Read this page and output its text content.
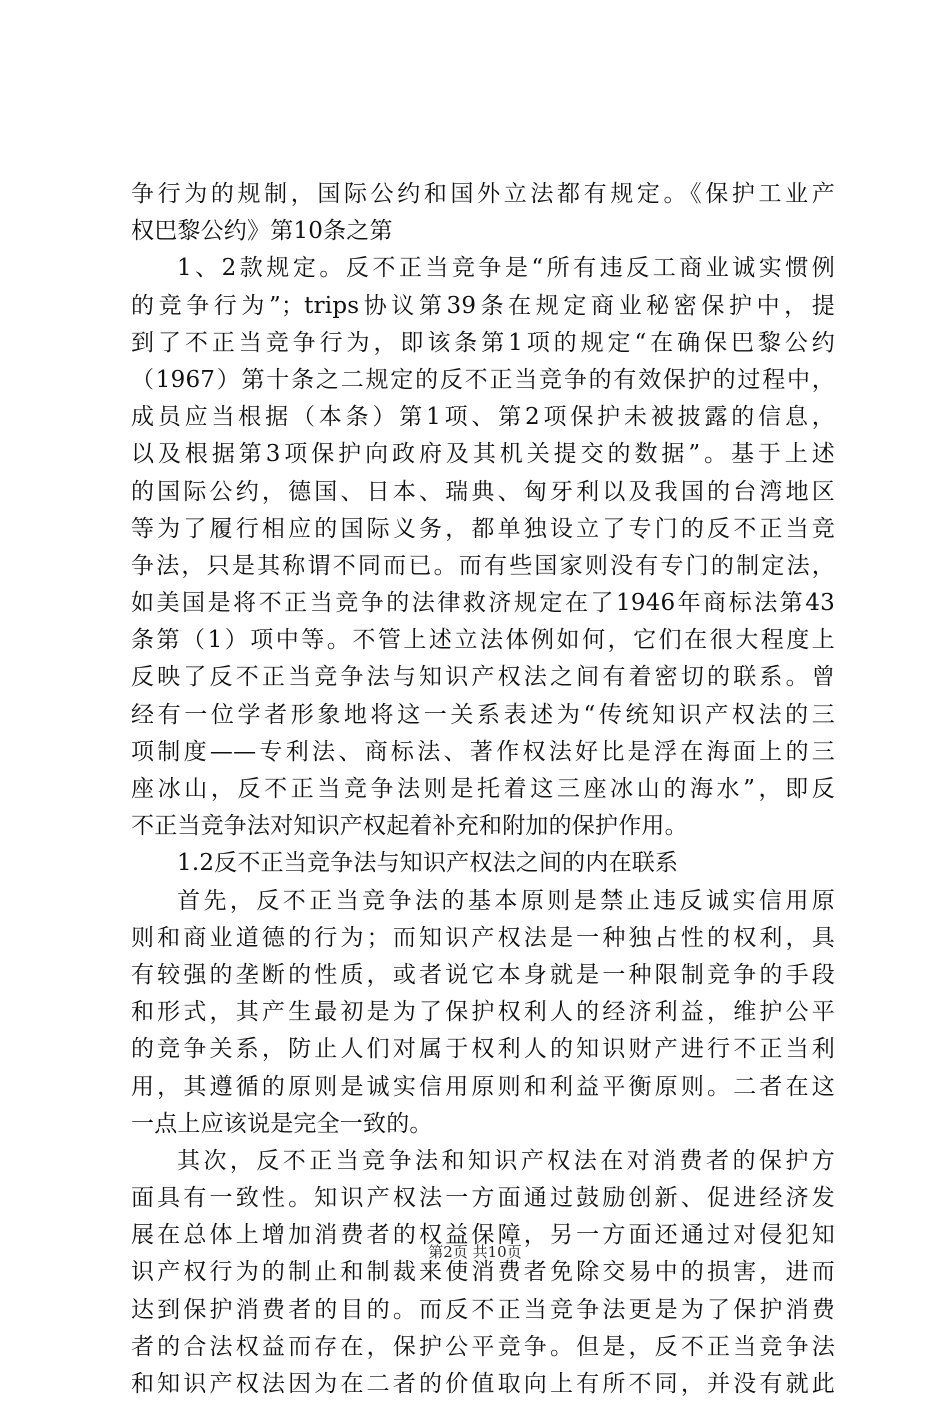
争行为的规制，国际公约和国外立法都有规定。《保护工业产
权巴黎公约》第10条之第
1、2款规定。反不正当竞争是“所有违反工商业诚实惯例
的竞争行为”；trips协议第39条在规定商业秘密保护中，提
到了不正当竞争行为，即该条第1项的规定“在确保巴黎公约
（1967）第十条之二规定的反不正当竞争的有效保护的过程中，
成员应当根据（本条）第1项、第2项保护未被披露的信息，
以及根据第3项保护向政府及其机关提交的数据”。基于上述
的国际公约，德国、日本、瑞典、匈牙利以及我国的台湾地区
等为了履行相应的国际义务，都单独设立了专门的反不正当竞
争法，只是其称谓不同而已。而有些国家则没有专门的制定法，
如美国是将不正当竞争的法律救济规定在了1946年商标法第43
条第（1）项中等。不管上述立法体例如何，它们在很大程度上
反映了反不正当竞争法与知识产权法之间有着密切的联系。曾
经有一位学者形象地将这一关系表述为“传统知识产权法的三
项制度——专利法、商标法、著作权法好比是浮在海面上的三
座冰山，反不正当竞争法则是托着这三座冰山的海水”，即反
不正当竞争法对知识产权起着补充和附加的保护作用。
1.2反不正当竞争法与知识产权法之间的内在联系
首先，反不正当竞争法的基本原则是禁止违反诚实信用原
则和商业道德的行为；而知识产权法是一种独占性的权利，具
有较强的垄断的性质，或者说它本身就是一种限制竞争的手段
和形式，其产生最初是为了保护权利人的经济利益，维护公平
的竞争关系，防止人们对属于权利人的知识财产进行不正当利
用，其遵循的原则是诚实信用原则和利益平衡原则。二者在这
一点上应该说是完全一致的。
其次，反不正当竞争法和知识产权法在对消费者的保护方
面具有一致性。知识产权法一方面通过鼓励创新、促进经济发
展在总体上增加消费者的权益保障，另一方面还通过对侵犯知
识产权行为的制止和制裁来使消费者免除交易中的损害，进而
达到保护消费者的目的。而反不正当竞争法更是为了保护消费
者的合法权益而存在，保护公平竞争。但是，反不正当竞争法
和知识产权法因为在二者的价值取向上有所不同，并没有就此
第2页 共10页
